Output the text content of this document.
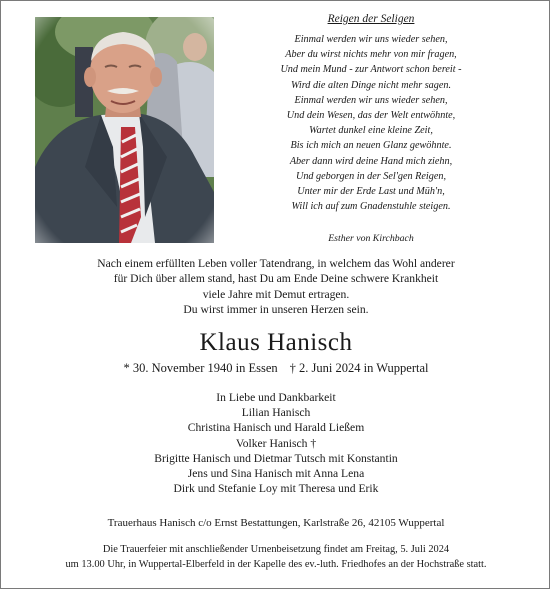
Reigen der Seligen

Einmal werden wir uns wieder sehen,
Aber du wirst nichts mehr von mir fragen,
Und mein Mund - zur Antwort schon bereit -
Wird die alten Dinge nicht mehr sagen.
Einmal werden wir uns wieder sehen,
Und dein Wesen, das der Welt entwöhnte,
Wartet dunkel eine kleine Zeit,
Bis ich mich an neuen Glanz gewöhnte.
Aber dann wird deine Hand mich ziehn,
Und geborgen in der Sel'gen Reigen,
Unter mir der Erde Last und Müh'n,
Will ich auf zum Gnadenstuhle steigen.
Esther von Kirchbach
Nach einem erfüllten Leben voller Tatendrang, in welchem das Wohl anderer
für Dich über allem stand, hast Du am Ende Deine schwere Krankheit
viele Jahre mit Demut ertragen.
Du wirst immer in unseren Herzen sein.
Klaus Hanisch
* 30. November 1940 in Essen † 2. Juni 2024 in Wuppertal
In Liebe und Dankbarkeit
Lilian Hanisch
Christina Hanisch und Harald Ließem
Volker Hanisch †
Brigitte Hanisch und Dietmar Tutsch mit Konstantin
Jens und Sina Hanisch mit Anna Lena
Dirk und Stefanie Loy mit Theresa und Erik
Trauerhaus Hanisch c/o Ernst Bestattungen, Karlstraße 26, 42105 Wuppertal
Die Trauerfeier mit anschließender Urnenbeisetzung findet am Freitag, 5. Juli 2024
um 13.00 Uhr, in Wuppertal-Elberfeld in der Kapelle des ev.-luth. Friedhofes an der Hochstraße statt.
